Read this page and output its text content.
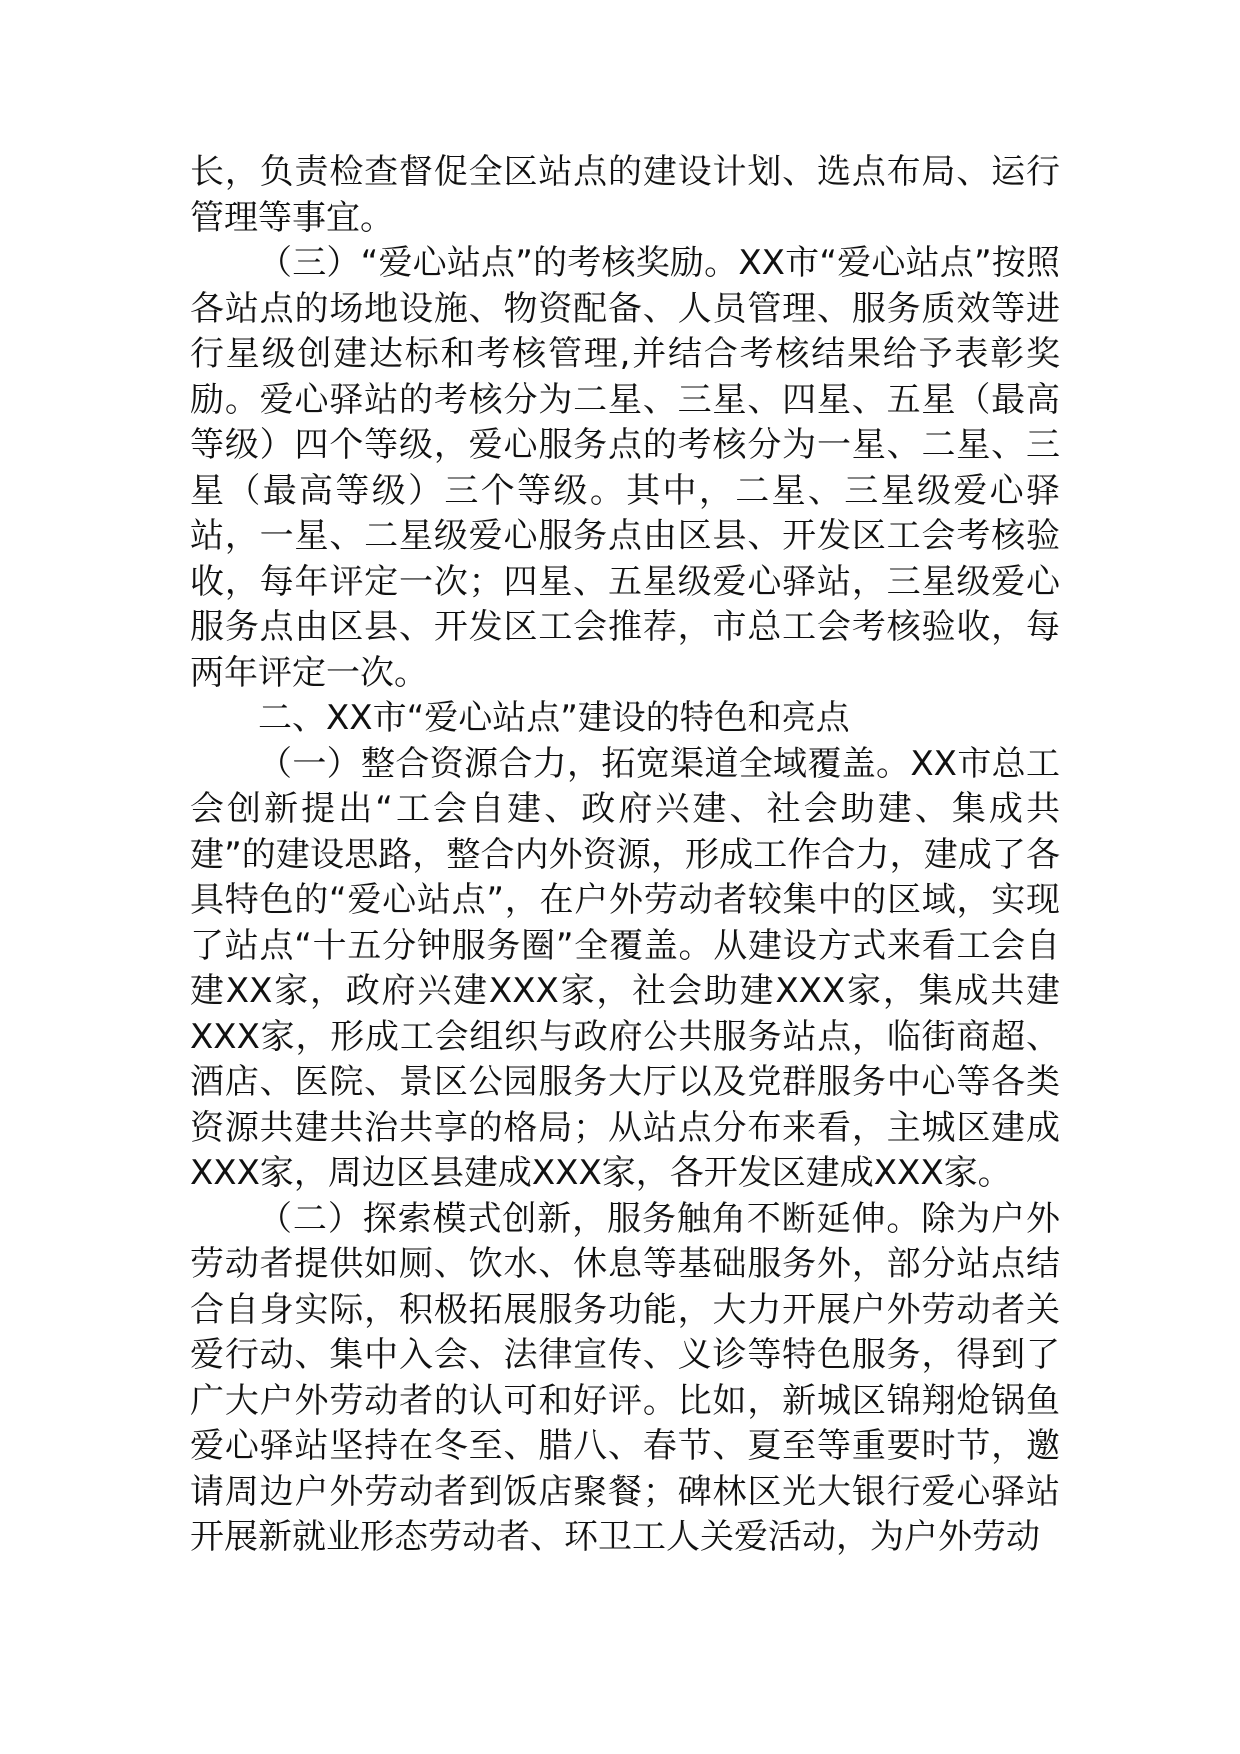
长，负责检查督促全区站点的建设计划、选点布局、运行管理等事宜。

（三）“爱心站点”的考核奖励。XX市“爱心站点”按照各站点的场地设施、物资配备、人员管理、服务质效等进行星级创建达标和考核管理,并结合考核结果给予表彰奖励。爱心驿站的考核分为二星、三星、四星、五星（最高等级）四个等级，爱心服务点的考核分为一星、二星、三星（最高等级）三个等级。其中，二星、三星级爱心驿站，一星、二星级爱心服务点由区县、开发区工会考核验收，每年评定一次；四星、五星级爱心驿站，三星级爱心服务点由区县、开发区工会推荐，市总工会考核验收，每两年评定一次。

二、XX市“爱心站点”建设的特色和亮点

（一）整合资源合力，拓宽渠道全域覆盖。XX市总工会创新提出“工会自建、政府兴建、社会助建、集成共建”的建设思路，整合内外资源，形成工作合力，建成了各具特色的“爱心站点”，在户外劳动者较集中的区域，实现了站点“十五分钟服务圈”全覆盖。从建设方式来看工会自建XX家，政府兴建XXX家，社会助建XXX家，集成共建XXX家，形成工会组织与政府公共服务站点，临街商超、酒店、医院、景区公园服务大厅以及党群服务中心等各类资源共建共治共享的格局；从站点分布来看，主城区建成XXX家，周边区县建成XXX家，各开发区建成XXX家。

（二）探索模式创新，服务触角不断延伸。除为户外劳动者提供如厕、饮水、休息等基础服务外，部分站点结合自身实际，积极拓展服务功能，大力开展户外劳动者关爱行动、集中入会、法律宣传、义诊等特色服务，得到了广大户外劳动者的认可和好评。比如，新城区锦翔炝锅鱼爱心驿站坚持在冬至、腊八、春节、夏至等重要时节，邀请周边户外劳动者到饭店聚餐；碑林区光大银行爱心驿站开展新就业形态劳动者、环卫工人关爱活动，为户外劳动
